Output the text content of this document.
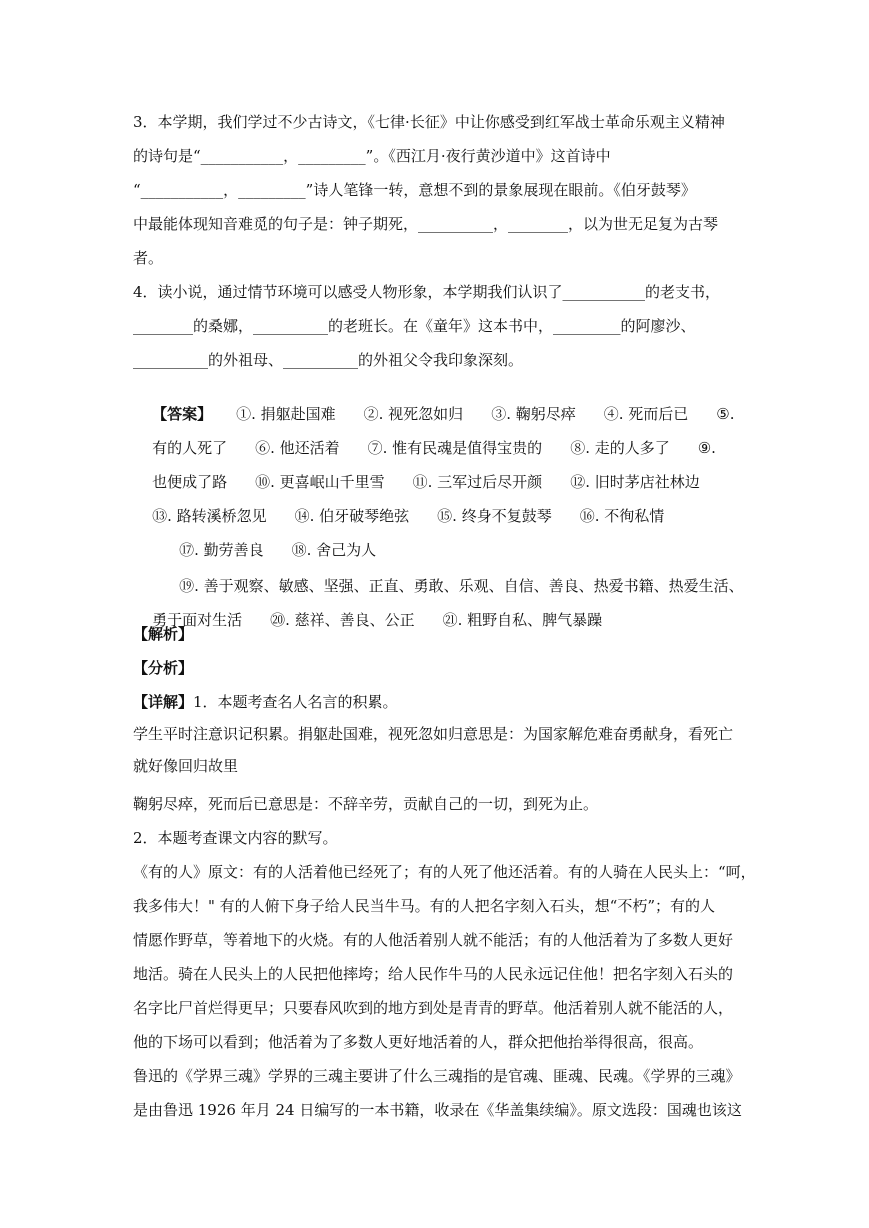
3．本学期，我们学过不少古诗文，《七律·长征》中让你感受到红军战士革命乐观主义精神
的诗句是“___________，_________”。《西江月·夜行黄沙道中》这首诗中
“___________，_________”诗人笔锋一转，意想不到的景象展现在眼前。《伯牙鼓琴》
中最能体现知音难觅的句子是：钟子期死，__________，________，以为世无足复为古琴
者。
4．读小说，通过情节环境可以感受人物形象，本学期我们认识了___________的老支书，
________的桑娜，__________的老班长。在《童年》这本书中，_________的阿廖沙、
__________的外祖母、__________的外祖父令我印象深刻。

【答案】 ①. 捐躯赴国难 ②. 视死忽如归 ③. 鞠躬尽瘁 ④. 死而后已 ⑤.

有的人死了 ⑥. 他还活着 ⑦. 惟有民魂是值得宝贵的 ⑧. 走的人多了 ⑨.

也便成了路 ⑩. 更喜岷山千里雪 ⑪. 三军过后尽开颜 ⑫. 旧时茅店社林边

⑬. 路转溪桥忽见 ⑭. 伯牙破琴绝弦 ⑮. 终身不复鼓琴 ⑯. 不徇私情

⑰. 勤劳善良 ⑱. 舍己为人

⑲. 善于观察、敏感、坚强、正直、勇敢、乐观、自信、善良、热爱书籍、热爱生活、

勇于面对生活 ⑳. 慈祥、善良、公正 ㉑. 粗野自私、脾气暴躁

【解析】
【分析】
【详解】1．本题考查名人名言的积累。
学生平时注意识记积累。捐躯赴国难，视死忽如归意思是：为国家解危难奋勇献身，看死亡
就好像回归故里
鞠躬尽瘁，死而后已意思是：不辞辛劳，贡献自己的一切，到死为止。
2．本题考查课文内容的默写。
《有的人》原文：有的人活着他已经死了；有的人死了他还活着。有的人骑在人民头上：“呵，
我多伟大！" 有的人俯下身子给人民当牛马。有的人把名字刻入石头，想“不朽”；有的人
情愿作野草，等着地下的火烧。有的人他活着别人就不能活；有的人他活着为了多数人更好
地活。骑在人民头上的人民把他摔垮；给人民作牛马的人民永远记住他！把名字刻入石头的
名字比尸首烂得更早；只要春风吹到的地方到处是青青的野草。他活着别人就不能活的人，
他的下场可以看到；他活着为了多数人更好地活着的人，群众把他抬举得很高，很高。
鲁迅的《学界三魂》学界的三魂主要讲了什么三魂指的是官魂、匪魂、民魂。《学界的三魂》
是由鲁迅 1926 年月 24 日编写的一本书籍，收录在《华盖集续编》。原文选段：国魂也该这
